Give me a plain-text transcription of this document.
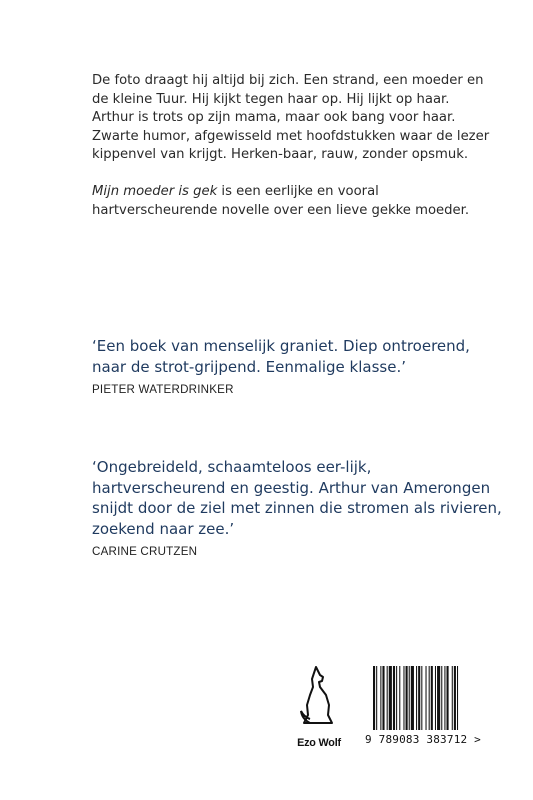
De foto draagt hij altijd bij zich. Een strand, een moeder en de kleine Tuur. Hij kijkt tegen haar op. Hij lijkt op haar. Arthur is trots op zijn mama, maar ook bang voor haar. Zwarte humor, afgewisseld met hoofdstukken waar de lezer kippenvel van krijgt. Herken-baar, rauw, zonder opsmuk.

Mijn moeder is gek is een eerlijke en vooral hartverscheurende novelle over een lieve gekke moeder.

‘Een boek van menselijk graniet. Diep ontroerend, naar de strot-grijpend. Eenmalige klasse.’
PIETER WATERDRINKER
‘Ongebreideld, schaamteloos eer-lijk, hartverscheurend en geestig. Arthur van Amerongen snijdt door de ziel met zinnen die stromen als rivieren, zoekend naar zee.’
CARINE CRUTZEN
Ezo Wolf	9 789083 383712 >
